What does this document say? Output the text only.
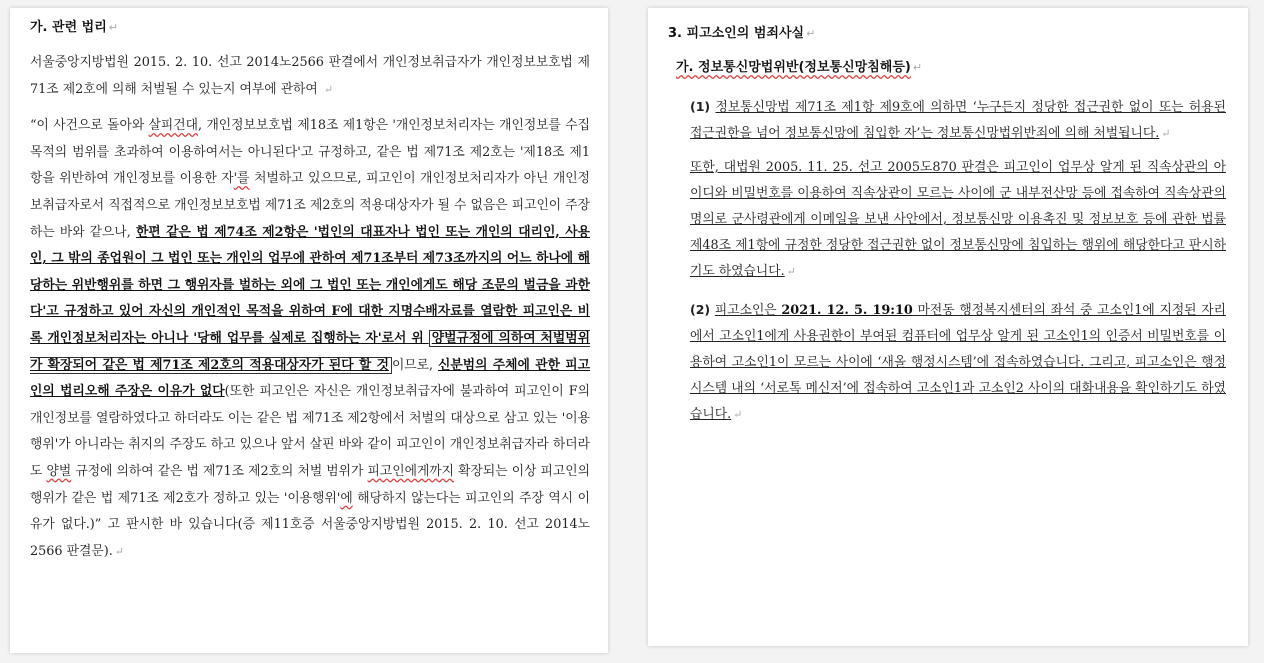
가. 관련 법리 ↵

서울중앙지방법원 2015. 2. 10. 선고 2014노2566 판결에서 개인정보취급자가 개인정보보호법 제71조 제2호에 의해 처벌될 수 있는지 여부에 관하여 ↵

“이 사건으로 돌아와 살피건대, 개인정보보호법 제18조 제1항은 '개인정보처리자는 개인정보를 수집목적의 범위를 초과하여 이용하여서는 아니된다'고 규정하고, 같은 법 제71조 제2호는 '제18조 제1항을 위반하여 개인정보를 이용한 자'를 처벌하고 있으므로, 피고인이 개인정보처리자가 아닌 개인정보취급자로서 직접적으로 개인정보보호법 제71조 제2호의 적용대상자가 될 수 없음은 피고인이 주장하는 바와 같으나, 한편 같은 법 제74조 제2항은 '법인의 대표자나 법인 또는 개인의 대리인, 사용인, 그 밖의 종업원이 그 법인 또는 개인의 업무에 관하여 제71조부터 제73조까지의 어느 하나에 해당하는 위반행위를 하면 그 행위자를 벌하는 외에 그 법인 또는 개인에게도 해당 조문의 벌금을 과한다'고 규정하고 있어 자신의 개인적인 목적을 위하여 F에 대한 지명수배자료를 열람한 피고인은 비록 개인정보처리자는 아니나 '당해 업무를 실제로 집행하는 자'로서 위 양벌규정에 의하여 처벌범위가 확장되어 같은 법 제71조 제2호의 적용대상자가 된다 할 것 이므로, 신분범의 주체에 관한 피고인의 법리오해 주장은 이유가 없다(또한 피고인은 자신은 개인정보취급자에 불과하여 피고인이 F의 개인정보를 열람하였다고 하더라도 이는 같은 법 제71조 제2항에서 처벌의 대상으로 삼고 있는 '이용행위'가 아니라는 취지의 주장도 하고 있으나 앞서 살핀 바와 같이 피고인이 개인정보취급자라 하더라도 양벌 규정에 의하여 같은 법 제71조 제2호의 처벌 범위가 피고인에게까지 확장되는 이상 피고인의 행위가 같은 법 제71조 제2호가 정하고 있는 '이용행위'에 해당하지 않는다는 피고인의 주장 역시 이유가 없다.)” 고 판시한 바 있습니다(증 제11호증 서울중앙지방법원 2015. 2. 10. 선고 2014노2566 판결문). ↵

3. 피고소인의 범죄사실 ↵

가. 정보통신망법위반(정보통신망침해등) ↵

(1) 정보통신망법 제71조 제1항 제9호에 의하면 ‘누구든지 정당한 접근권한 없이 또는 허용된 접근권한을 넘어 정보통신망에 침입한 자’는 정보통신망법위반죄에 의해 처벌됩니다. ↵

또한, 대법원 2005. 11. 25. 선고 2005도870 판결은 피고인이 업무상 알게 된 직속상관의 아이디와 비밀번호를 이용하여 직속상관이 모르는 사이에 군 내부전산망 등에 접속하여 직속상관의 명의로 군사령관에게 이메일을 보낸 사안에서, 정보통신망 이용촉진 및 정보보호 등에 관한 법률 제48조 제1항에 규정한 정당한 접근권한 없이 정보통신망에 침입하는 행위에 해당한다고 판시하기도 하였습니다. ↵

(2) 피고소인은 2021. 12. 5. 19:10 마전동 행정복지센터의 좌석 중 고소인1에 지정된 자리에서 고소인1에게 사용권한이 부여된 컴퓨터에 업무상 알게 된 고소인1의 인증서 비밀번호를 이용하여 고소인1이 모르는 사이에 ‘새올 행정시스템’에 접속하였습니다. 그리고, 피고소인은 행정시스템 내의 ‘서로톡 메신저’에 접속하여 고소인1과 고소인2 사이의 대화내용을 확인하기도 하였습니다. ↵
